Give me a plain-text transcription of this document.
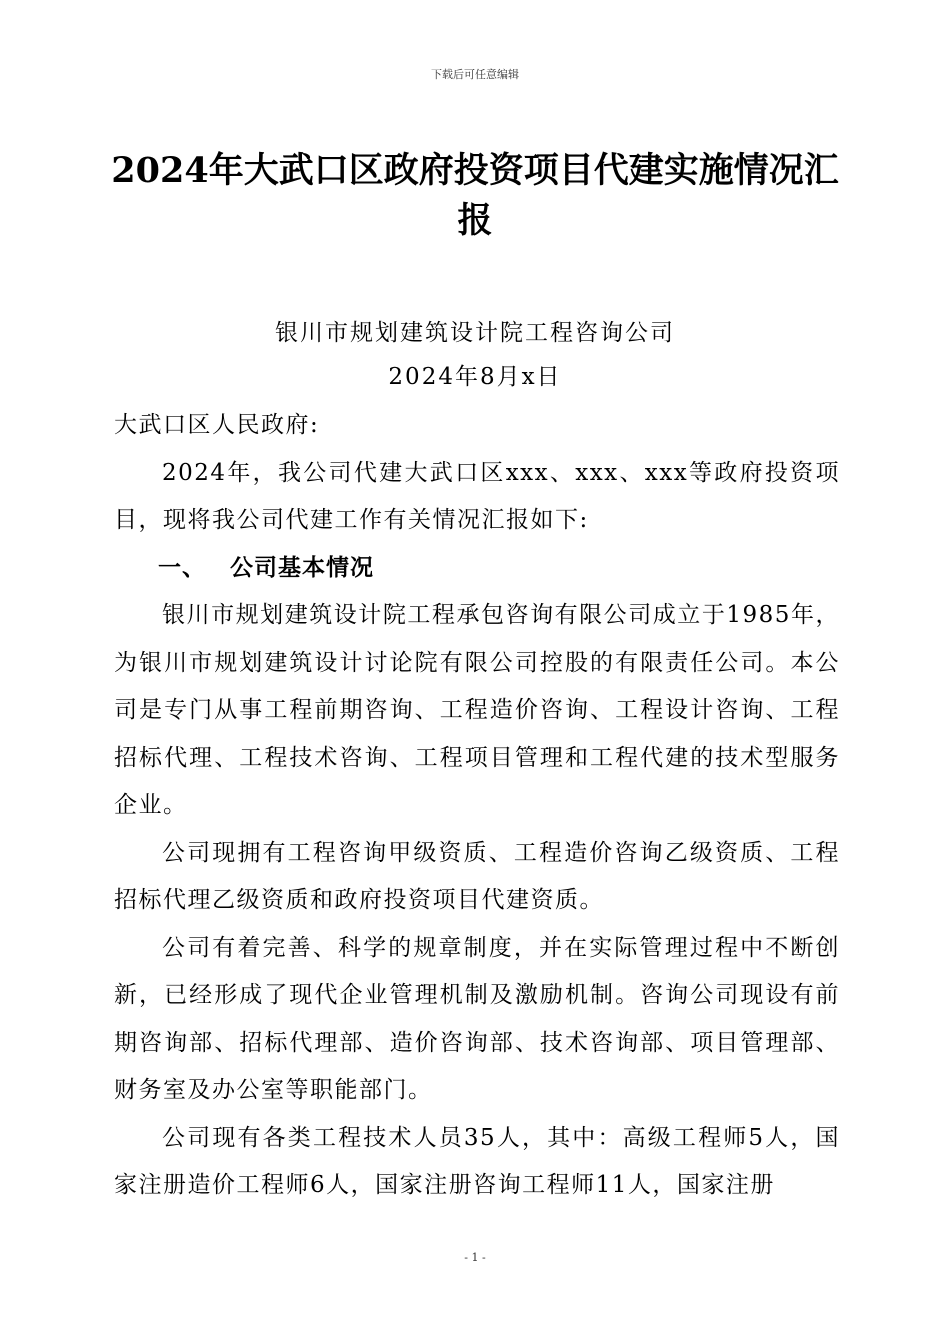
下载后可任意编辑
2024年大武口区政府投资项目代建实施情况汇报
银川市规划建筑设计院工程咨询公司
2024年8月x日

大武口区人民政府:

2024年，我公司代建大武口区xxx、xxx、xxx等政府投资项目，现将我公司代建工作有关情况汇报如下:

一、 公司基本情况

银川市规划建筑设计院工程承包咨询有限公司成立于1985年，为银川市规划建筑设计讨论院有限公司控股的有限责任公司。本公司是专门从事工程前期咨询、工程造价咨询、工程设计咨询、工程招标代理、工程技术咨询、工程项目管理和工程代建的技术型服务企业。

公司现拥有工程咨询甲级资质、工程造价咨询乙级资质、工程招标代理乙级资质和政府投资项目代建资质。

公司有着完善、科学的规章制度，并在实际管理过程中不断创新，已经形成了现代企业管理机制及激励机制。咨询公司现设有前期咨询部、招标代理部、造价咨询部、技术咨询部、项目管理部、财务室及办公室等职能部门。

公司现有各类工程技术人员35人，其中：高级工程师5人，国家注册造价工程师6人，国家注册咨询工程师11人，国家注册

- 1 -
